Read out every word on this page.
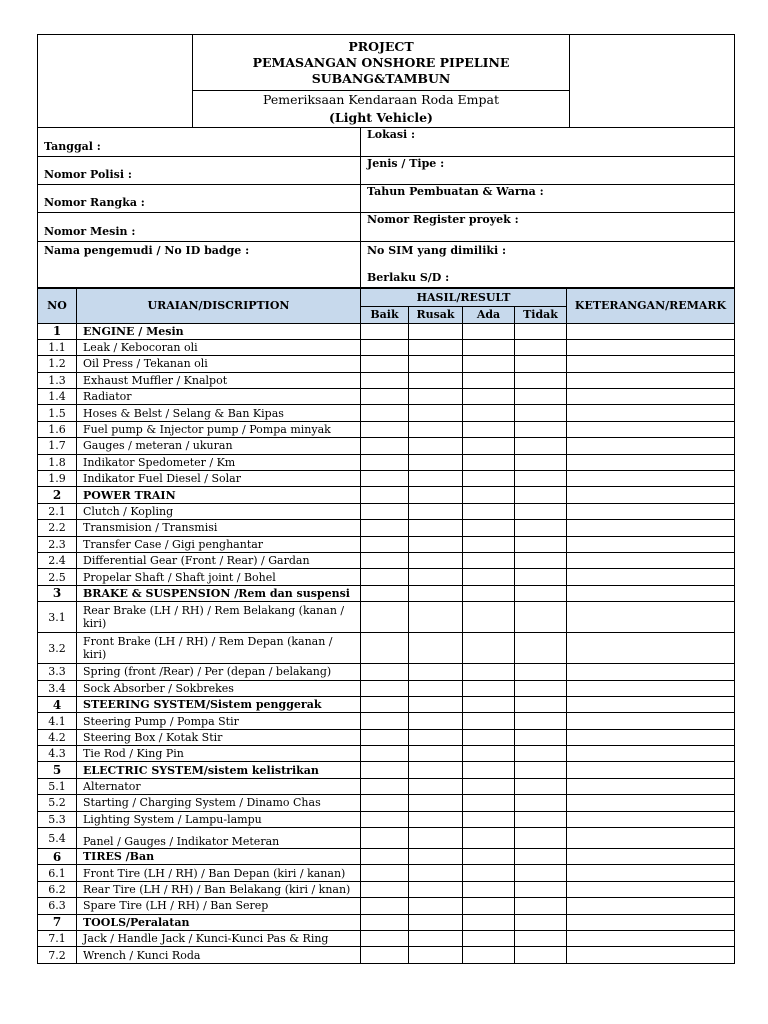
PROJECT
PEMASANGAN ONSHORE PIPELINE
SUBANG&TAMBUN
Pemeriksaan Kendaraan Roda Empat
(Light Vehicle)
Tanggal :	Lokasi :
Nomor Polisi :	Jenis / Tipe :
Nomor Rangka :	Tahun Pembuatan & Warna :
Nomor Mesin :	Nomor Register proyek :
Nama pengemudi / No ID badge :	No SIM yang dimiliki :
Berlaku S/D :
NO	URAIAN/DISCRIPTION	HASIL/RESULT				KETERANGAN/REMARK
		Baik	Rusak	Ada	Tidak	
1	ENGINE / Mesin					
1.1	Leak / Kebocoran oli					
1.2	Oil Press / Tekanan oli					
1.3	Exhaust Muffler / Knalpot					
1.4	Radiator					
1.5	Hoses & Belst / Selang & Ban Kipas					
1.6	Fuel pump & Injector pump / Pompa minyak					
1.7	Gauges / meteran / ukuran					
1.8	Indikator Spedometer / Km					
1.9	Indikator Fuel Diesel / Solar					
2	POWER TRAIN					
2.1	Clutch / Kopling					
2.2	Transmision / Transmisi					
2.3	Transfer Case / Gigi penghantar					
2.4	Differential Gear (Front / Rear) / Gardan					
2.5	Propelar Shaft / Shaft joint / Bohel					
3	BRAKE & SUSPENSION /Rem dan suspensi					
3.1	Rear Brake (LH / RH) / Rem Belakang (kanan / kiri)					
3.2	Front Brake (LH / RH) / Rem Depan (kanan / kiri)					
3.3	Spring (front /Rear) / Per (depan / belakang)					
3.4	Sock Absorber / Sokbrekes					
4	STEERING SYSTEM/Sistem penggerak					
4.1	Steering Pump / Pompa Stir					
4.2	Steering Box / Kotak Stir					
4.3	Tie Rod / King Pin					
5	ELECTRIC SYSTEM/sistem kelistrikan					
5.1	Alternator					
5.2	Starting / Charging System / Dinamo Chas					
5.3	Lighting System / Lampu-lampu					
5.4	Panel / Gauges / Indikator Meteran					
6	TIRES /Ban					
6.1	Front Tire (LH / RH) / Ban Depan (kiri / kanan)					
6.2	Rear Tire (LH / RH) / Ban Belakang (kiri / knan)					
6.3	Spare Tire (LH / RH) / Ban Serep					
7	TOOLS/Peralatan					
7.1	Jack / Handle Jack / Kunci-Kunci Pas & Ring					
7.2	Wrench / Kunci Roda					
